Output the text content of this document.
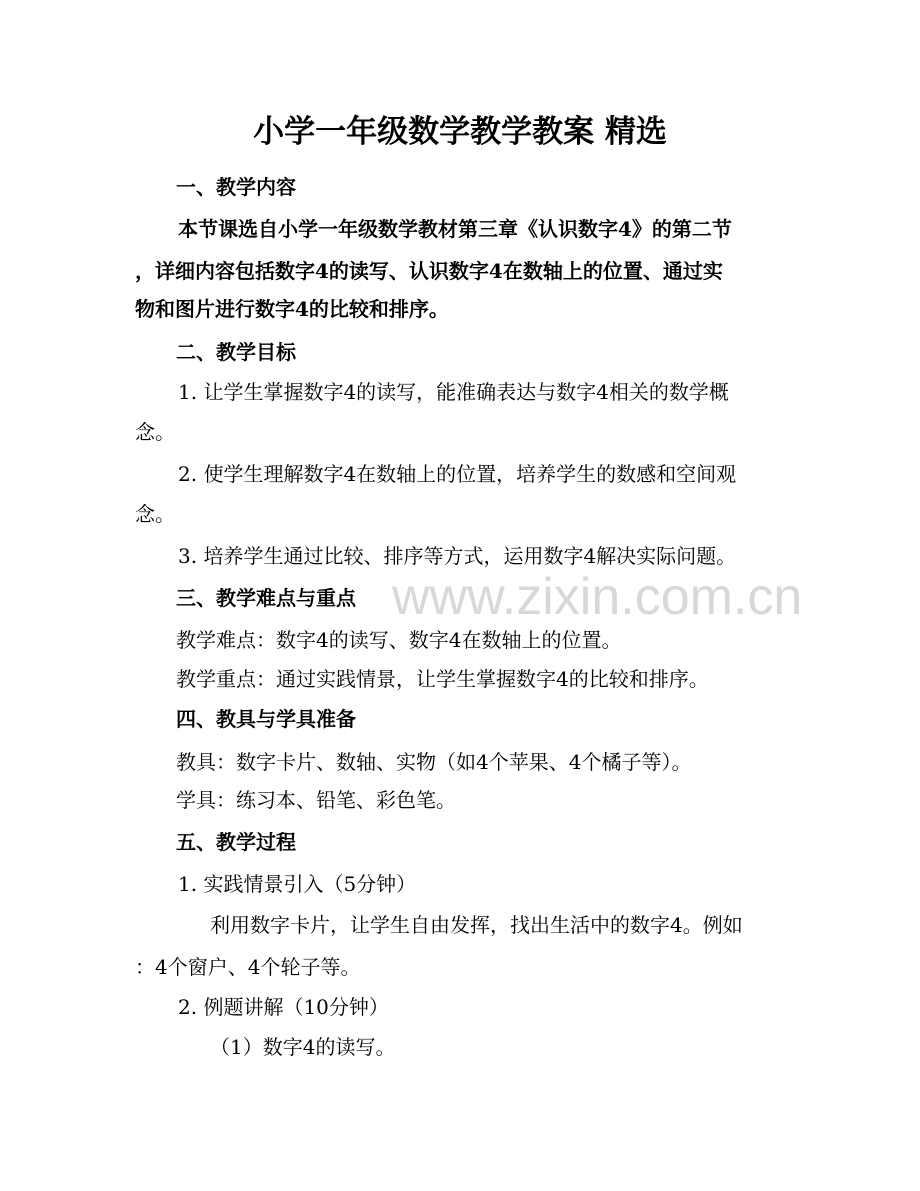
www.zixin.com.cn
小学一年级数学教学教案 精选
一、教学内容
本节课选自小学一年级数学教材第三章《认识数字4》的第二节
，详细内容包括数字4的读写、认识数字4在数轴上的位置、通过实
物和图片进行数字4的比较和排序。
二、教学目标
1. 让学生掌握数字4的读写，能准确表达与数字4相关的数学概
念。
2. 使学生理解数字4在数轴上的位置，培养学生的数感和空间观
念。
3. 培养学生通过比较、排序等方式，运用数字4解决实际问题。
三、教学难点与重点
教学难点：数字4的读写、数字4在数轴上的位置。
教学重点：通过实践情景，让学生掌握数字4的比较和排序。
四、教具与学具准备
教具：数字卡片、数轴、实物（如4个苹果、4个橘子等）。
学具：练习本、铅笔、彩色笔。
五、教学过程
1. 实践情景引入（5分钟）
利用数字卡片，让学生自由发挥，找出生活中的数字4。例如
：4个窗户、4个轮子等。
2. 例题讲解（10分钟）
（1）数字4的读写。
